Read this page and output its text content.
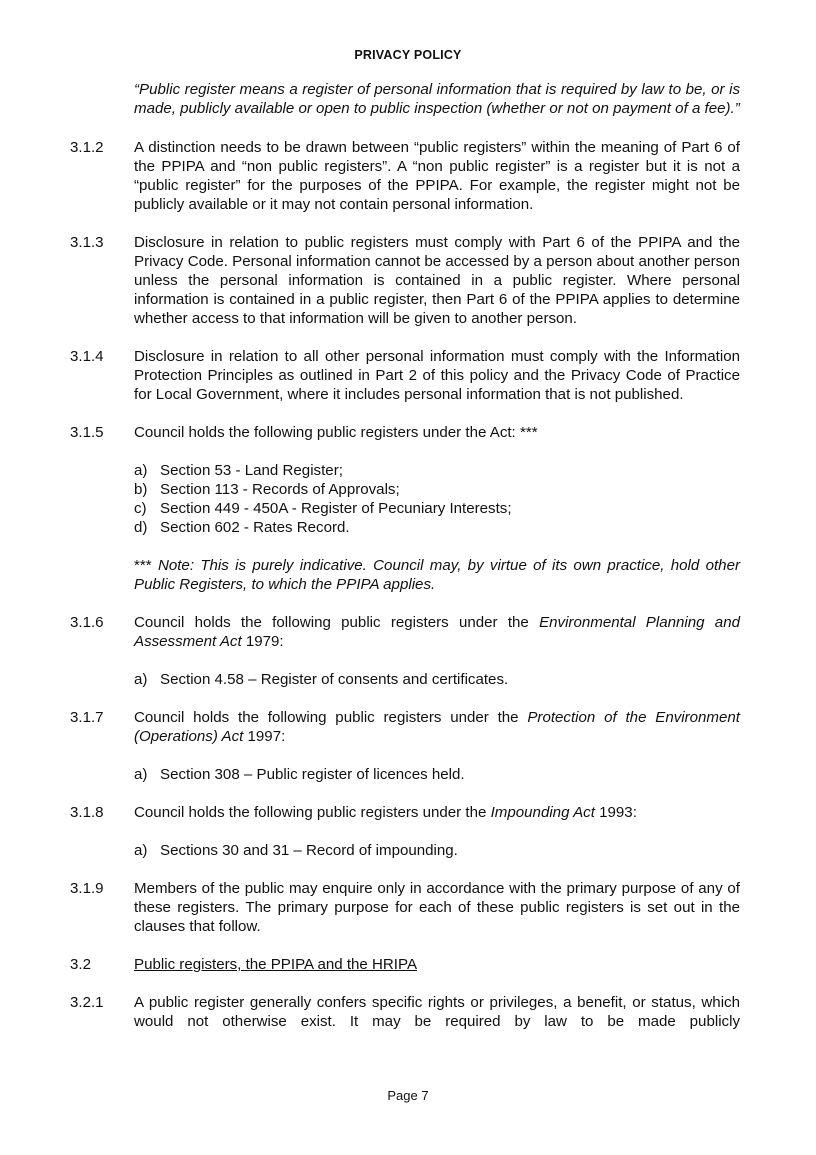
PRIVACY POLICY
“Public register means a register of personal information that is required by law to be, or is made, publicly available or open to public inspection (whether or not on payment of a fee).”
3.1.2	A distinction needs to be drawn between “public registers” within the meaning of Part 6 of the PPIPA and “non public registers”. A “non public register” is a register but it is not a “public register” for the purposes of the PPIPA. For example, the register might not be publicly available or it may not contain personal information.
3.1.3	Disclosure in relation to public registers must comply with Part 6 of the PPIPA and the Privacy Code. Personal information cannot be accessed by a person about another person unless the personal information is contained in a public register. Where personal information is contained in a public register, then Part 6 of the PPIPA applies to determine whether access to that information will be given to another person.
3.1.4	Disclosure in relation to all other personal information must comply with the Information Protection Principles as outlined in Part 2 of this policy and the Privacy Code of Practice for Local Government, where it includes personal information that is not published.
3.1.5	Council holds the following public registers under the Act: ***
a) Section 53 - Land Register;
b) Section 113 - Records of Approvals;
c) Section 449 - 450A - Register of Pecuniary Interests;
d) Section 602 - Rates Record.
*** Note: This is purely indicative. Council may, by virtue of its own practice, hold other Public Registers, to which the PPIPA applies.
3.1.6	Council holds the following public registers under the Environmental Planning and Assessment Act 1979:
a) Section 4.58 – Register of consents and certificates.
3.1.7	Council holds the following public registers under the Protection of the Environment (Operations) Act 1997:
a) Section 308 – Public register of licences held.
3.1.8	Council holds the following public registers under the Impounding Act 1993:
a) Sections 30 and 31 – Record of impounding.
3.1.9	Members of the public may enquire only in accordance with the primary purpose of any of these registers. The primary purpose for each of these public registers is set out in the clauses that follow.
3.2	Public registers, the PPIPA and the HRIPA
3.2.1	A public register generally confers specific rights or privileges, a benefit, or status, which would not otherwise exist. It may be required by law to be made publicly
Page 7
